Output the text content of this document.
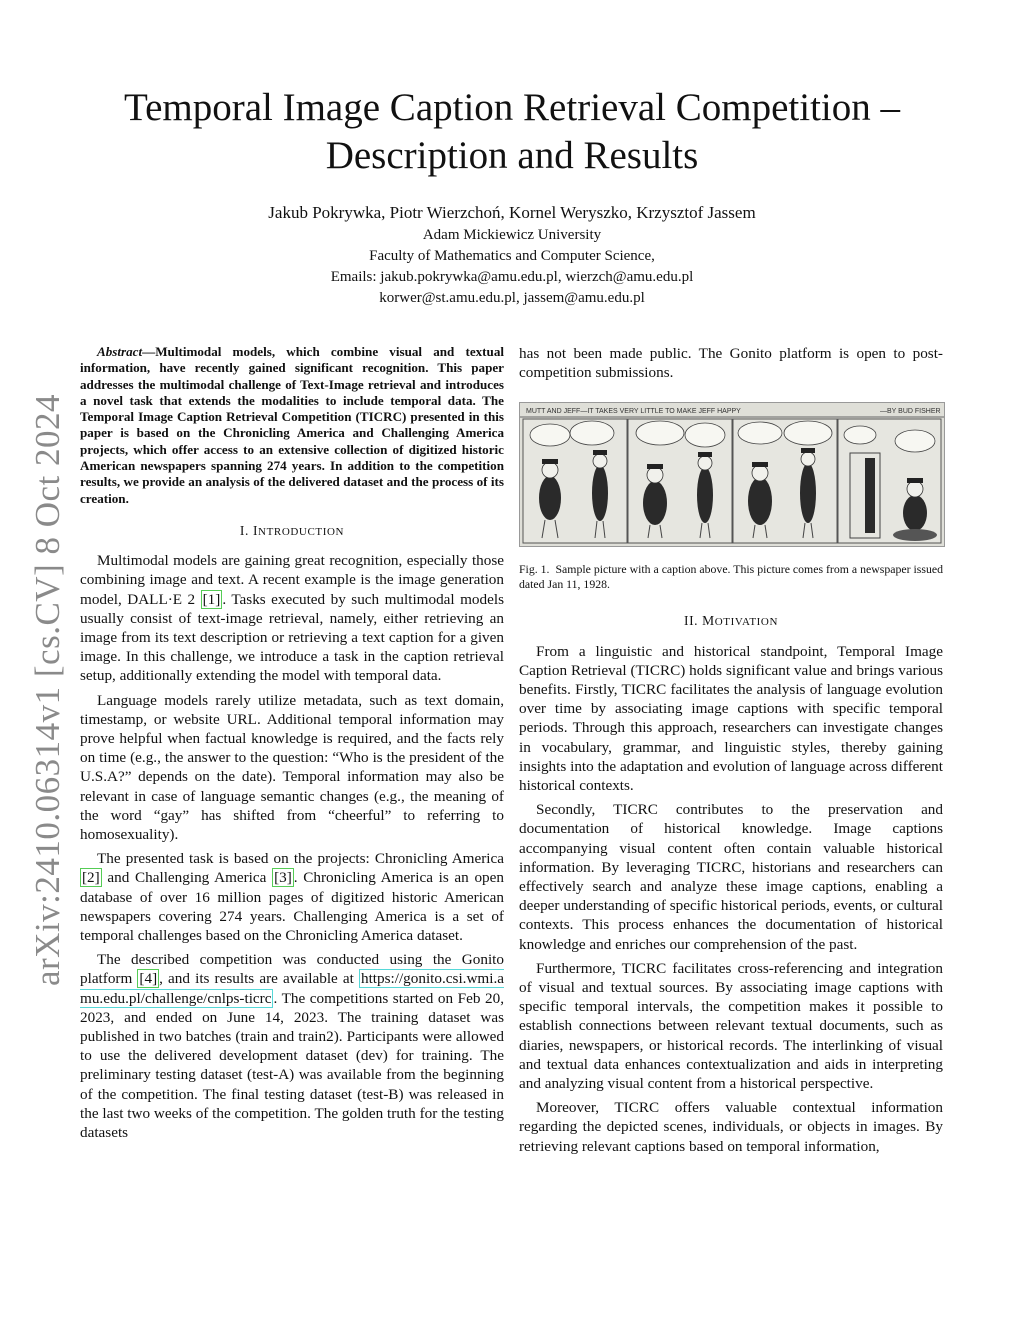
arXiv:2410.06314v1 [cs.CV] 8 Oct 2024
Temporal Image Caption Retrieval Competition –
Description and Results
Jakub Pokrywka, Piotr Wierzchoń, Kornel Weryszko, Krzysztof Jassem
Adam Mickiewicz University
Faculty of Mathematics and Computer Science,
Emails: jakub.pokrywka@amu.edu.pl, wierzch@amu.edu.pl
korwer@st.amu.edu.pl, jassem@amu.edu.pl

Abstract—Multimodal models, which combine visual and textual information, have recently gained significant recognition. This paper addresses the multimodal challenge of Text-Image retrieval and introduces a novel task that extends the modalities to include temporal data. The Temporal Image Caption Retrieval Competition (TICRC) presented in this paper is based on the Chronicling America and Challenging America projects, which offer access to an extensive collection of digitized historic American newspapers spanning 274 years. In addition to the competition results, we provide an analysis of the delivered dataset and the process of its creation.

I. INTRODUCTION

Multimodal models are gaining great recognition, especially those combining image and text. A recent example is the image generation model, DALL·E 2 [1] . Tasks executed by such multimodal models usually consist of text-image retrieval, namely, either retrieving an image from its text description or retrieving a text caption for a given image. In this challenge, we introduce a task in the caption retrieval setup, additionally extending the model with temporal data.

Language models rarely utilize metadata, such as text domain, timestamp, or website URL. Additional temporal information may prove helpful when factual knowledge is required, and the facts rely on time (e.g., the answer to the question: “Who is the president of the U.S.A?” depends on the date). Temporal information may also be relevant in case of language semantic changes (e.g., the meaning of the word “gay” has shifted from “cheerful” to referring to homosexuality).

The presented task is based on the projects: Chronicling America [2] and Challenging America [3] . Chronicling America is an open database of over 16 million pages of digitized historic American newspapers covering 274 years. Challenging America is a set of temporal challenges based on the Chronicling America dataset.

The described competition was conducted using the Gonito platform [4] , and its results are available at https://gonito.csi.wmi.amu.edu.pl/challenge/cnlps-ticrc . The competitions started on Feb 20, 2023, and ended on June 14, 2023. The training dataset was published in two batches (train and train2). Participants were allowed to use the delivered development dataset (dev) for training. The preliminary testing dataset (test-A) was available from the beginning of the competition. The final testing dataset (test-B) was released in the last two weeks of the competition. The golden truth for the testing datasets

has not been made public. The Gonito platform is open to post-competition submissions.

MUTT AND JEFF—IT TAKES VERY LITTLE TO MAKE JEFF HAPPY	—BY BUD FISHER

Fig. 1. Sample picture with a caption above. This picture comes from a newspaper issued dated Jan 11, 1928.

II. MOTIVATION

From a linguistic and historical standpoint, Temporal Image Caption Retrieval (TICRC) holds significant value and brings various benefits. Firstly, TICRC facilitates the analysis of language evolution over time by associating image captions with specific temporal periods. Through this approach, researchers can investigate changes in vocabulary, grammar, and linguistic styles, thereby gaining insights into the adaptation and evolution of language across different historical contexts.

Secondly, TICRC contributes to the preservation and documentation of historical knowledge. Image captions accompanying visual content often contain valuable historical information. By leveraging TICRC, historians and researchers can effectively search and analyze these image captions, enabling a deeper understanding of specific historical periods, events, or cultural contexts. This process enhances the documentation of historical knowledge and enriches our comprehension of the past.

Furthermore, TICRC facilitates cross-referencing and integration of visual and textual sources. By associating image captions with specific temporal intervals, the competition makes it possible to establish connections between relevant textual documents, such as diaries, newspapers, or historical records. The interlinking of visual and textual data enhances contextualization and aids in interpreting and analyzing visual content from a historical perspective.

Moreover, TICRC offers valuable contextual information regarding the depicted scenes, individuals, or objects in images. By retrieving relevant captions based on temporal information,
